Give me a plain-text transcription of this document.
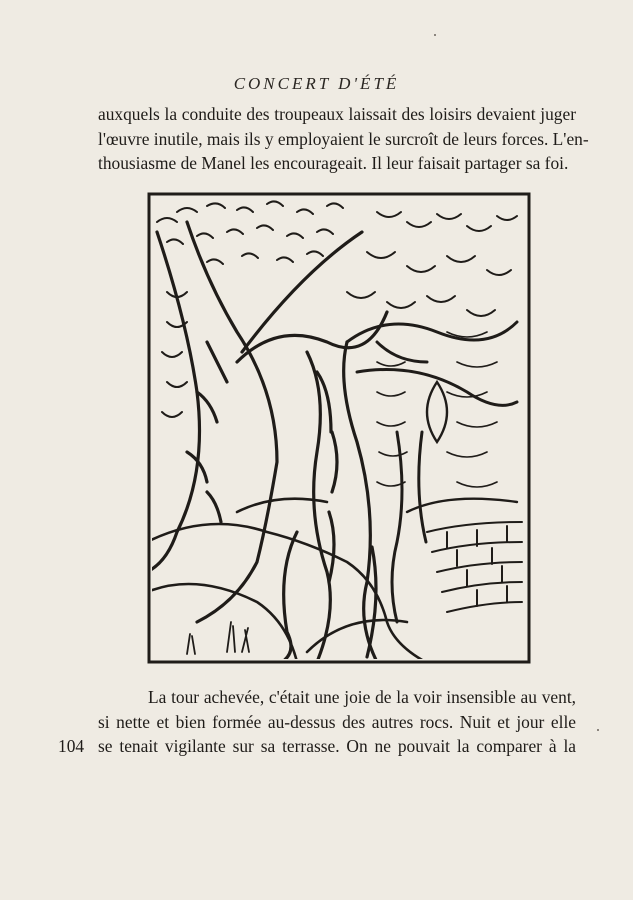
CONCERT D'ÉTÉ
auxquels la conduite des troupeaux laissait des loisirs devaient juger
l'œuvre inutile, mais ils y employaient le surcroît de leurs forces. L'en-
thousiasme de Manel les encourageait. Il leur faisait partager sa foi.
La tour achevée, c'était une joie de la voir insensible au vent,
si nette et bien formée au-dessus des autres rocs. Nuit et jour elle
se tenait vigilante sur sa terrasse. On ne pouvait la comparer à la
104
